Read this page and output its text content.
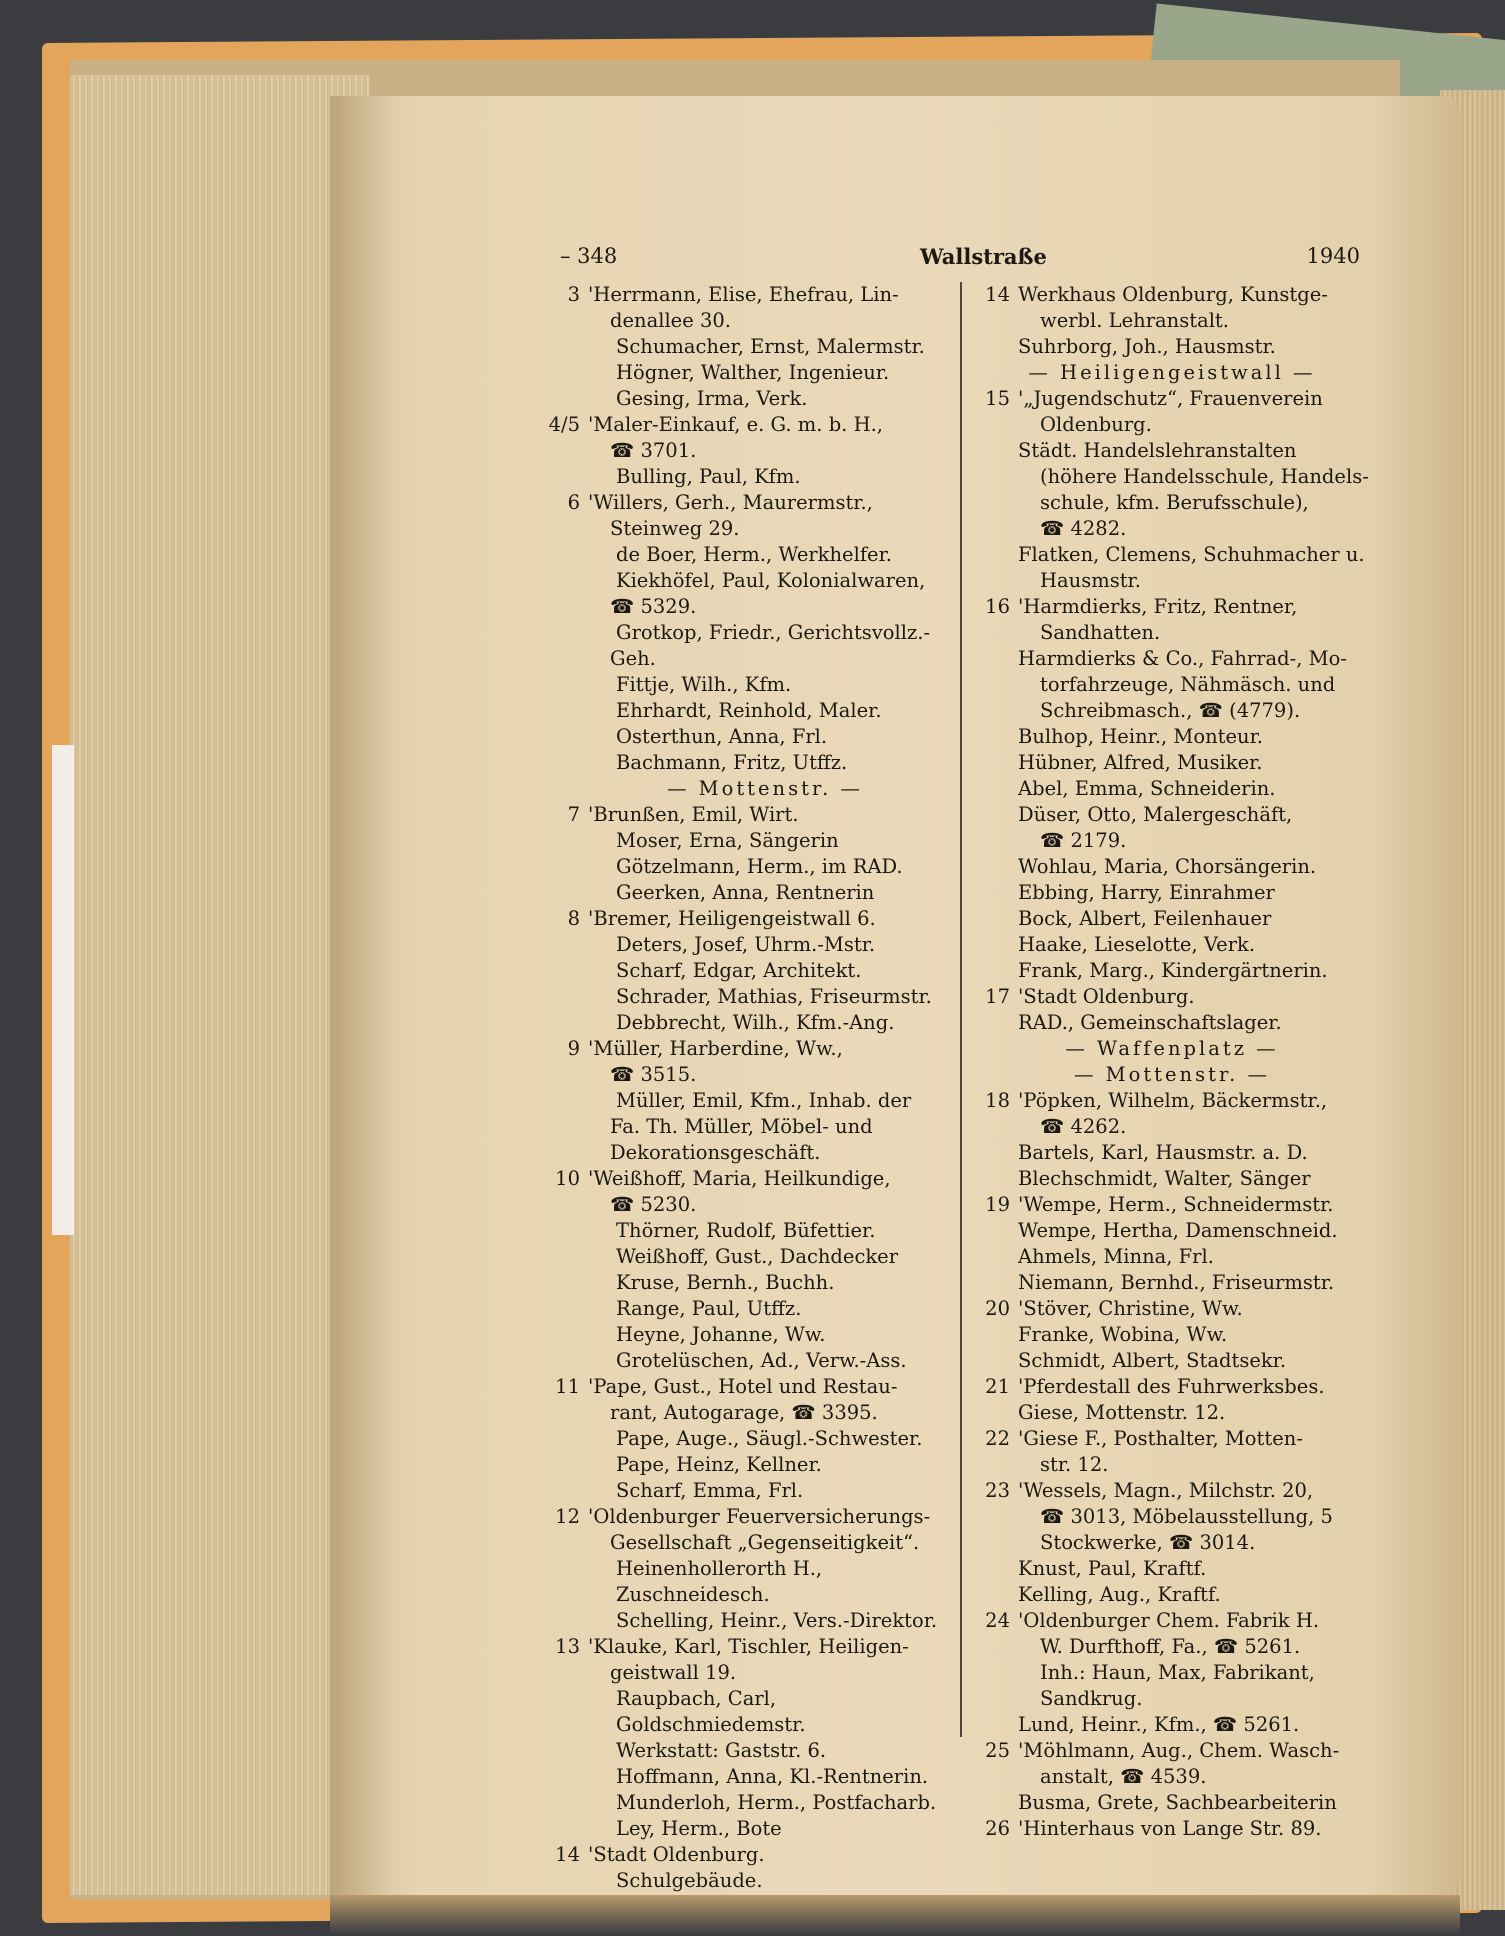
– 348	Wallstraße	1940
3 'Herrmann, Elise, Ehefrau, Lin-
denallee 30.
Schumacher, Ernst, Malermstr.
Högner, Walther, Ingenieur.
Gesing, Irma, Verk.
4/5 'Maler-Einkauf, e. G. m. b. H.,
☎ 3701.
Bulling, Paul, Kfm.
6 'Willers, Gerh., Maurermstr.,
Steinweg 29.
de Boer, Herm., Werkhelfer.
Kiekhöfel, Paul, Kolonialwaren,
☎ 5329.
Grotkop, Friedr., Gerichtsvollz.-
Geh.
Fittje, Wilh., Kfm.
Ehrhardt, Reinhold, Maler.
Osterthun, Anna, Frl.
Bachmann, Fritz, Utffz.
— Mottenstr. —
7 'Brunßen, Emil, Wirt.
Moser, Erna, Sängerin
Götzelmann, Herm., im RAD.
Geerken, Anna, Rentnerin
8 'Bremer, Heiligengeistwall 6.
Deters, Josef, Uhrm.-Mstr.
Scharf, Edgar, Architekt.
Schrader, Mathias, Friseurmstr.
Debbrecht, Wilh., Kfm.-Ang.
9 'Müller, Harberdine, Ww.,
☎ 3515.
Müller, Emil, Kfm., Inhab. der
Fa. Th. Müller, Möbel- und
Dekorationsgeschäft.
10 'Weißhoff, Maria, Heilkundige,
☎ 5230.
Thörner, Rudolf, Büfettier.
Weißhoff, Gust., Dachdecker
Kruse, Bernh., Buchh.
Range, Paul, Utffz.
Heyne, Johanne, Ww.
Grotelüschen, Ad., Verw.-Ass.
11 'Pape, Gust., Hotel und Restau-
rant, Autogarage, ☎ 3395.
Pape, Auge., Säugl.-Schwester.
Pape, Heinz, Kellner.
Scharf, Emma, Frl.
12 'Oldenburger Feuerversicherungs-
Gesellschaft „Gegenseitigkeit“.
Heinenhollerorth H., Zuschneidesch.
Schelling, Heinr., Vers.-Direktor.
13 'Klauke, Karl, Tischler, Heiligen-
geistwall 19.
Raupbach, Carl, Goldschmiedemstr.
Werkstatt: Gaststr. 6.
Hoffmann, Anna, Kl.-Rentnerin.
Munderloh, Herm., Postfacharb.
Ley, Herm., Bote
14 'Stadt Oldenburg.
Schulgebäude.
14 Werkhaus Oldenburg, Kunstge-
werbl. Lehranstalt.
Suhrborg, Joh., Hausmstr.
— Heiligengeistwall —
15 '„Jugendschutz“, Frauenverein
Oldenburg.
Städt. Handelslehranstalten
(höhere Handelsschule, Handels-
schule, kfm. Berufsschule),
☎ 4282.
Flatken, Clemens, Schuhmacher u.
Hausmstr.
16 'Harmdierks, Fritz, Rentner,
Sandhatten.
Harmdierks & Co., Fahrrad-, Mo-
torfahrzeuge, Nähmäsch. und
Schreibmasch., ☎ (4779).
Bulhop, Heinr., Monteur.
Hübner, Alfred, Musiker.
Abel, Emma, Schneiderin.
Düser, Otto, Malergeschäft,
☎ 2179.
Wohlau, Maria, Chorsängerin.
Ebbing, Harry, Einrahmer
Bock, Albert, Feilenhauer
Haake, Lieselotte, Verk.
Frank, Marg., Kindergärtnerin.
17 'Stadt Oldenburg.
RAD., Gemeinschaftslager.
— Waffenplatz —
— Mottenstr. —
18 'Pöpken, Wilhelm, Bäckermstr.,
☎ 4262.
Bartels, Karl, Hausmstr. a. D.
Blechschmidt, Walter, Sänger
19 'Wempe, Herm., Schneidermstr.
Wempe, Hertha, Damenschneid.
Ahmels, Minna, Frl.
Niemann, Bernhd., Friseurmstr.
20 'Stöver, Christine, Ww.
Franke, Wobina, Ww.
Schmidt, Albert, Stadtsekr.
21 'Pferdestall des Fuhrwerksbes.
Giese, Mottenstr. 12.
22 'Giese F., Posthalter, Motten-
str. 12.
23 'Wessels, Magn., Milchstr. 20,
☎ 3013, Möbelausstellung, 5
Stockwerke, ☎ 3014.
Knust, Paul, Kraftf.
Kelling, Aug., Kraftf.
24 'Oldenburger Chem. Fabrik H.
W. Durfthoff, Fa., ☎ 5261.
Inh.: Haun, Max, Fabrikant,
Sandkrug.
Lund, Heinr., Kfm., ☎ 5261.
25 'Möhlmann, Aug., Chem. Wasch-
anstalt, ☎ 4539.
Busma, Grete, Sachbearbeiterin
26 'Hinterhaus von Lange Str. 89.
